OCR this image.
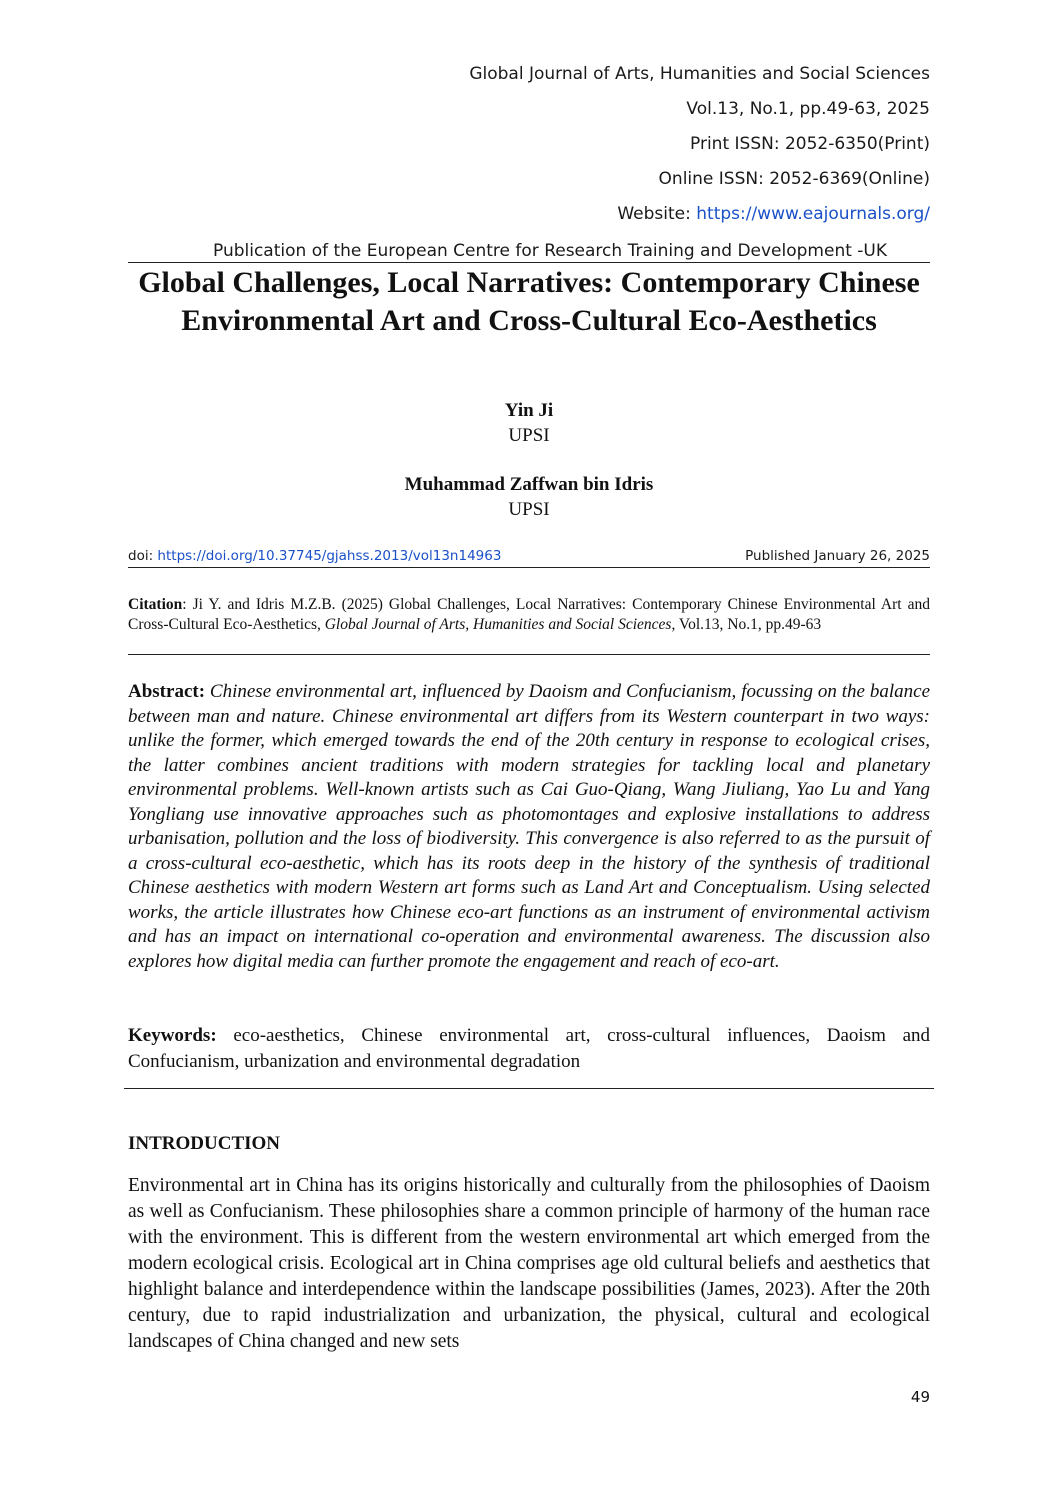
Global Journal of Arts, Humanities and Social Sciences
Vol.13, No.1, pp.49-63, 2025
Print ISSN: 2052-6350(Print)
Online ISSN: 2052-6369(Online)
Website: https://www.eajournals.org/
Publication of the European Centre for Research Training and Development -UK
Global Challenges, Local Narratives: Contemporary Chinese Environmental Art and Cross-Cultural Eco-Aesthetics
Yin Ji
UPSI
Muhammad Zaffwan bin Idris
UPSI
doi: https://doi.org/10.37745/gjahss.2013/vol13n14963	Published January 26, 2025
Citation: Ji Y. and Idris M.Z.B. (2025) Global Challenges, Local Narratives: Contemporary Chinese Environmental Art and Cross-Cultural Eco-Aesthetics, Global Journal of Arts, Humanities and Social Sciences, Vol.13, No.1, pp.49-63
Abstract: Chinese environmental art, influenced by Daoism and Confucianism, focussing on the balance between man and nature. Chinese environmental art differs from its Western counterpart in two ways: unlike the former, which emerged towards the end of the 20th century in response to ecological crises, the latter combines ancient traditions with modern strategies for tackling local and planetary environmental problems. Well-known artists such as Cai Guo-Qiang, Wang Jiuliang, Yao Lu and Yang Yongliang use innovative approaches such as photomontages and explosive installations to address urbanisation, pollution and the loss of biodiversity. This convergence is also referred to as the pursuit of a cross-cultural eco-aesthetic, which has its roots deep in the history of the synthesis of traditional Chinese aesthetics with modern Western art forms such as Land Art and Conceptualism. Using selected works, the article illustrates how Chinese eco-art functions as an instrument of environmental activism and has an impact on international co-operation and environmental awareness. The discussion also explores how digital media can further promote the engagement and reach of eco-art.
Keywords: eco-aesthetics, Chinese environmental art, cross-cultural influences, Daoism and Confucianism, urbanization and environmental degradation
INTRODUCTION
Environmental art in China has its origins historically and culturally from the philosophies of Daoism as well as Confucianism. These philosophies share a common principle of harmony of the human race with the environment. This is different from the western environmental art which emerged from the modern ecological crisis. Ecological art in China comprises age old cultural beliefs and aesthetics that highlight balance and interdependence within the landscape possibilities (James, 2023). After the 20th century, due to rapid industrialization and urbanization, the physical, cultural and ecological landscapes of China changed and new sets
49
